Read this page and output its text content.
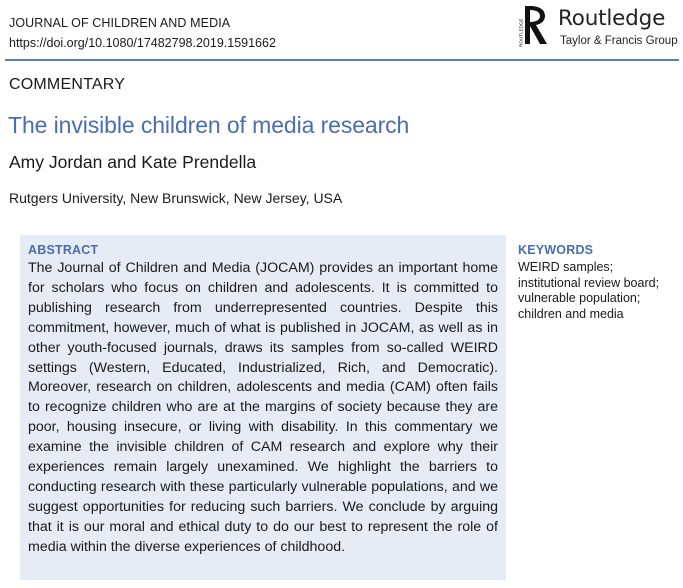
JOURNAL OF CHILDREN AND MEDIA
https://doi.org/10.1080/17482798.2019.1591662	ROUTLEDGE Routledge
Taylor & Francis Group
COMMENTARY
The invisible children of media research
Amy Jordan and Kate Prendella
Rutgers University, New Brunswick, New Jersey, USA
ABSTRACT
The Journal of Children and Media (JOCAM) provides an important home for scholars who focus on children and adolescents. It is committed to publishing research from underrepresented countries. Despite this commitment, however, much of what is published in JOCAM, as well as in other youth-focused journals, draws its samples from so-called WEIRD settings (Western, Educated, Industrialized, Rich, and Democratic). Moreover, research on children, adolescents and media (CAM) often fails to recognize children who are at the margins of society because they are poor, housing insecure, or living with disability. In this commentary we examine the invisible children of CAM research and explore why their experiences remain largely unexamined. We highlight the barriers to conducting research with these particularly vulnerable populations, and we suggest opportunities for reducing such barriers. We conclude by arguing that it is our moral and ethical duty to do our best to represent the role of media within the diverse experiences of childhood.
KEYWORDS
WEIRD samples; institutional review board; vulnerable population; children and media
